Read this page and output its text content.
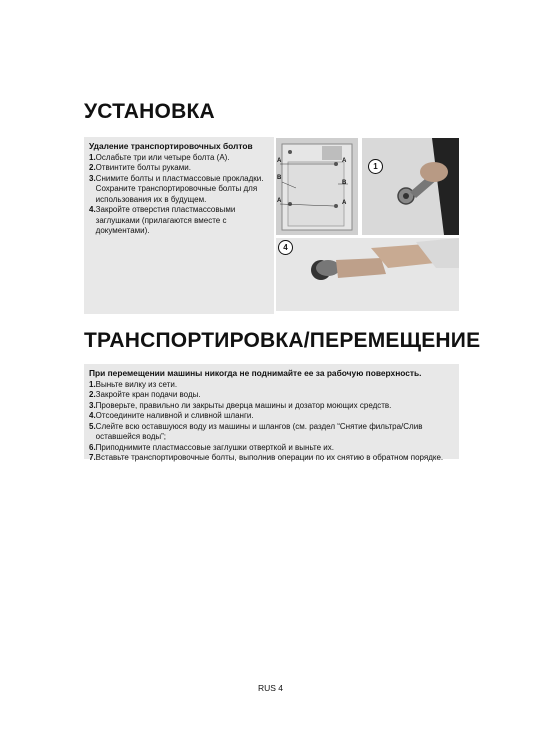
УСТАНОВКА
Удаление транспортировочных болтов
1. Ослабьте три или четыре болта (А).
2. Отвинтите болты руками.
3. Снимите болты и пластмассовые прокладки. Сохраните транспортировочные болты для использования их в будущем.
4. Закройте отверстия пластмассовыми заглушками (прилагаются вместе с документами).
A
A
B
A
B
A
1
4
ТРАНСПОРТИРОВКА/ПЕРЕМЕЩЕНИЕ
При перемещении машины никогда не поднимайте ее за рабочую поверхность.
1. Выньте вилку из сети.
2. Закройте кран подачи воды.
3. Проверьте, правильно ли закрыты дверца машины и дозатор моющих средств.
4. Отсоедините наливной и сливной шланги.
5. Слейте всю оставшуюся воду из машины и шлангов (см. раздел “Снятие фильтра/Слив оставшейся воды”;
6. Приподнимите пластмассовые заглушки отверткой и выньте их.
7. Вставьте транспортировочные болты, выполнив операции по их снятию в обратном порядке.
RUS 4
